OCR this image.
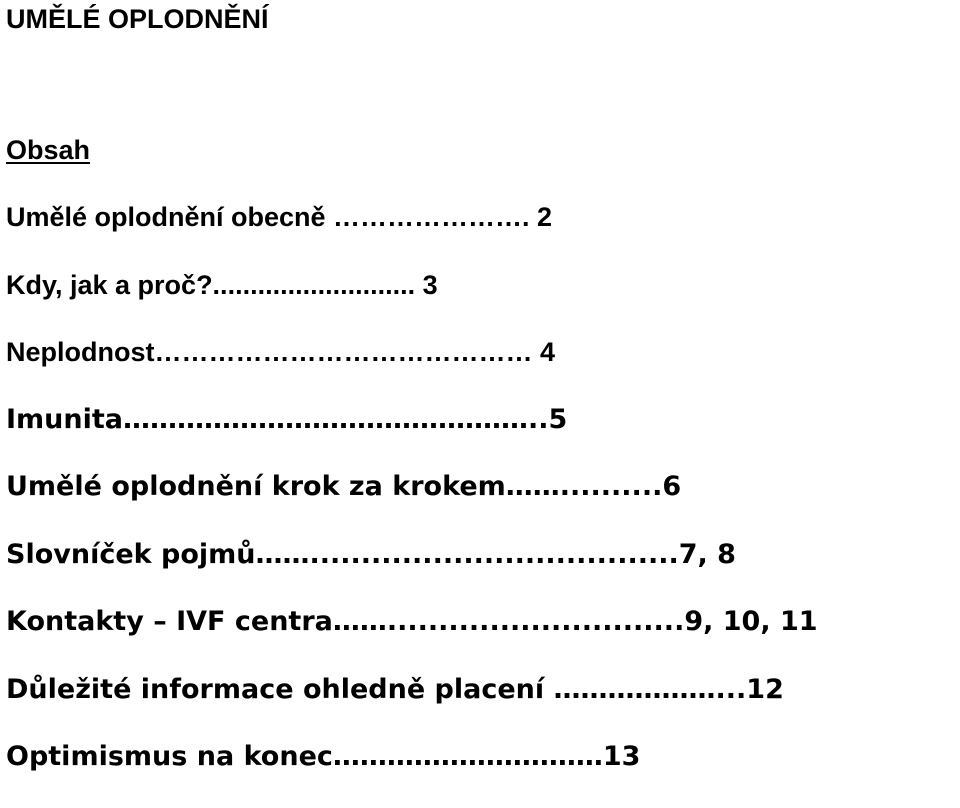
UMĚLÉ OPLODNĚNÍ
Obsah
Umělé oplodnění obecně …………………. 2
Kdy, jak a proč?........................... 3
Neplodnost…………………………………… 4
Imunita………………………………………..5
Umělé oplodnění krok za krokem……..........6
Slovníček pojmů……....................................7, 8
Kontakty – IVF centra…….............................9, 10, 11
Důležité informace ohledně placení ………………...12
Optimismus na konec…………………………13
